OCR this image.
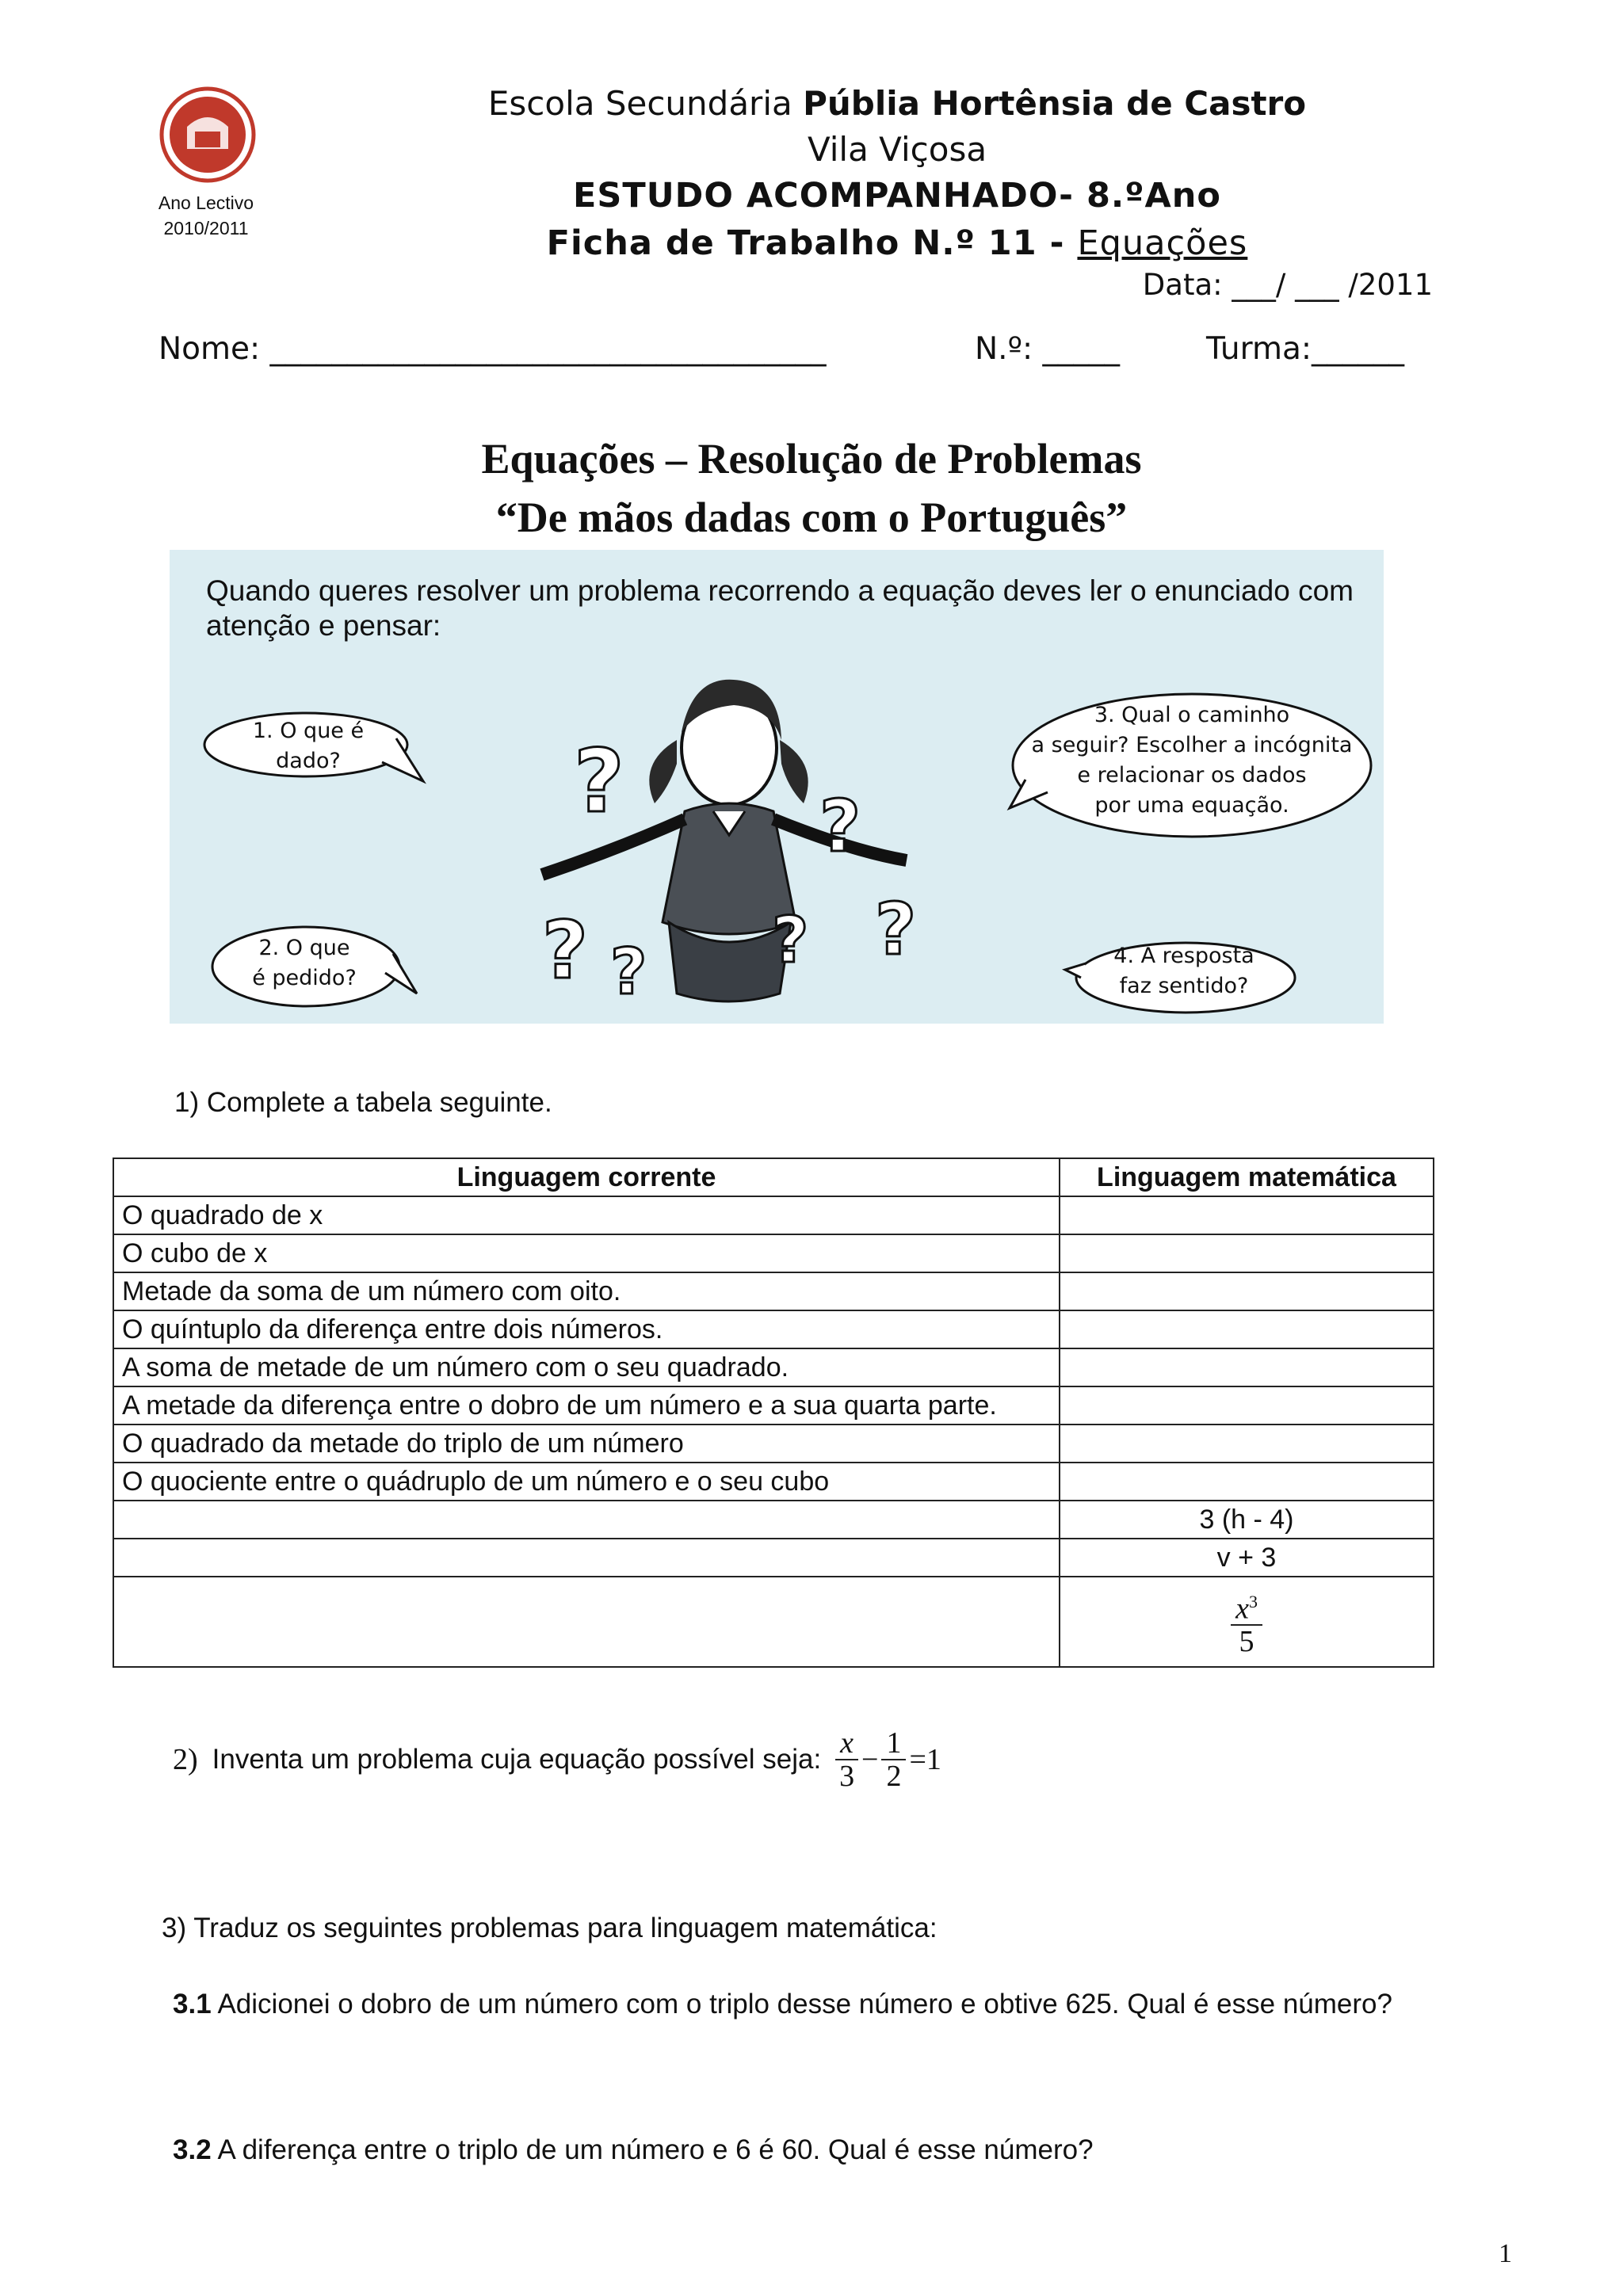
Ano Lectivo
2010/2011
Escola Secundária Públia Hortênsia de Castro
Vila Viçosa
ESTUDO ACOMPANHADO- 8.ºAno
Ficha de Trabalho N.º 11 - Equações
Data: ___/ ___ /2011
Nome: ____________________________________	N.º: _____	Turma:______
Equações – Resolução de Problemas
“De mãos dadas com o Português”
Quando queres resolver um problema recorrendo a equação deves ler o enunciado com atenção e pensar:
?	?
? ? ? ?
1. O que é dado?
2. O que
é pedido?
3. Qual o caminho
a seguir? Escolher a incógnita
e relacionar os dados
por uma equação.
4. A resposta
faz sentido?
1) Complete a tabela seguinte.
Linguagem corrente	Linguagem matemática
O quadrado de x	
O cubo de x	
Metade da soma de um número com oito.	
O quíntuplo da diferença entre dois números.	
A soma de metade de um número com o seu quadrado.	
A metade da diferença entre o dobro de um número e a sua quarta parte.	
O quadrado da metade do triplo de um número	
O quociente entre o quádruplo de um número e o seu cubo	
	3 (h - 4)
	v + 3

	$\frac{x^3}{5}$
2) Inventa um problema cuja equação possível seja: $\frac{x}{3} - \frac{1}{2} =1$
3) Traduz os seguintes problemas para linguagem matemática:
3.1 Adicionei o dobro de um número com o triplo desse número e obtive 625. Qual é esse número?
3.2 A diferença entre o triplo de um número e 6 é 60. Qual é esse número?
1
